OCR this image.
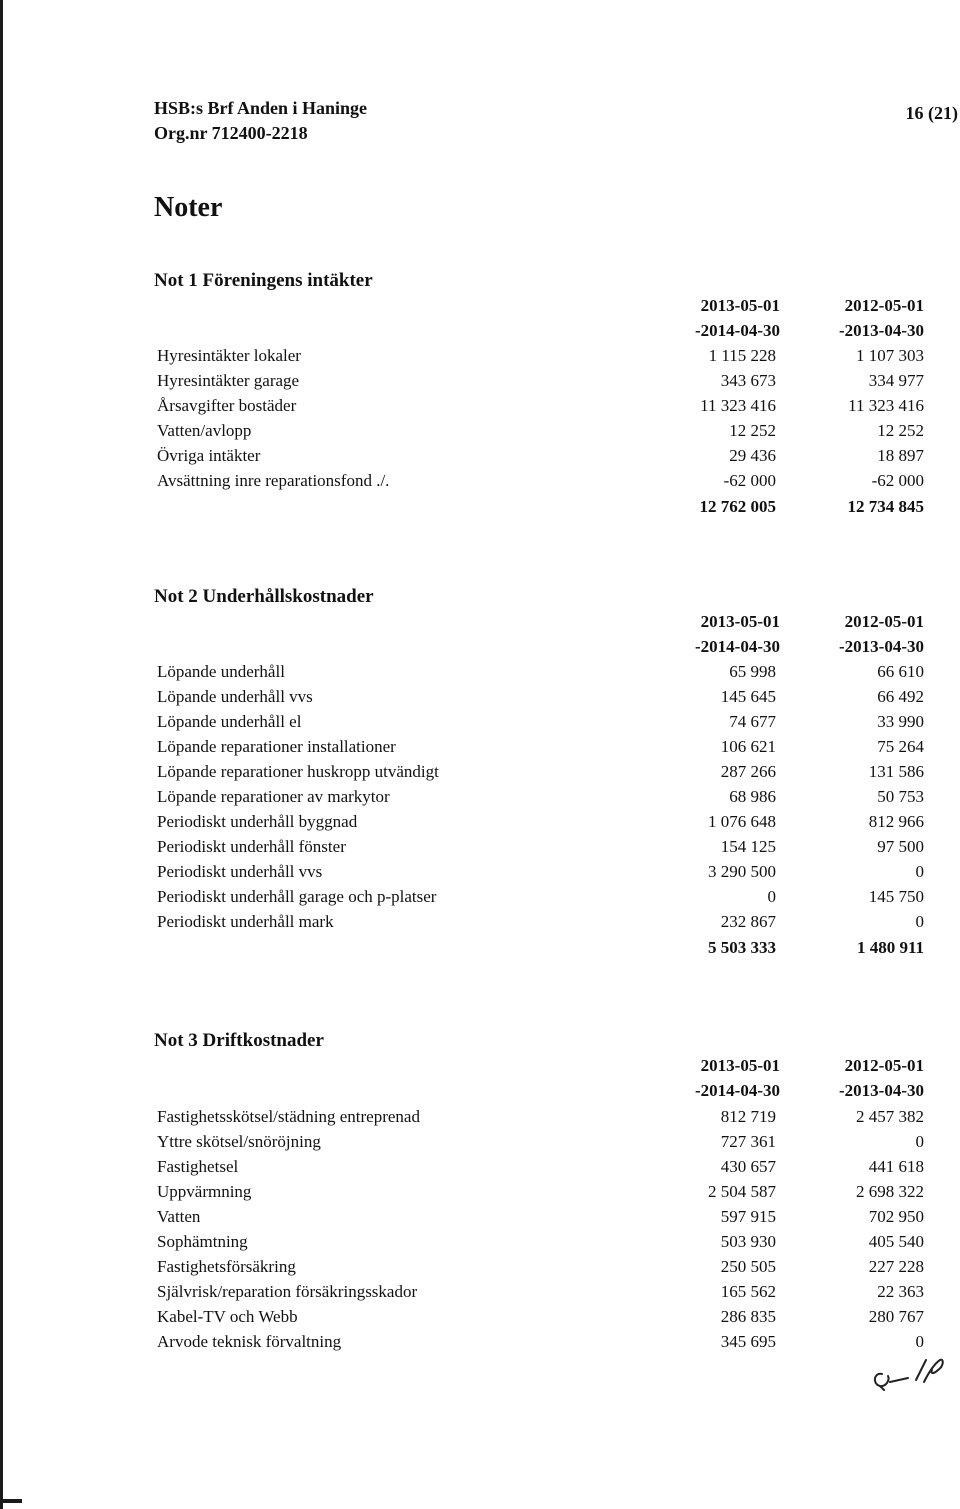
HSB:s Brf Anden i Haninge
Org.nr 712400-2218
16 (21)
Noter
Not 1 Föreningens intäkter
2013-05-01
-2014-04-30
2012-05-01
-2013-04-30
Hyresintäkter lokaler	1 115 228	1 107 303
Hyresintäkter garage	343 673	334 977
Årsavgifter bostäder	11 323 416	11 323 416
Vatten/avlopp	12 252	12 252
Övriga intäkter	29 436	18 897
Avsättning inre reparationsfond ./.	-62 000	-62 000
12 762 005	12 734 845
Not 2 Underhållskostnader
2013-05-01
-2014-04-30
2012-05-01
-2013-04-30
Löpande underhåll	65 998	66 610
Löpande underhåll vvs	145 645	66 492
Löpande underhåll el	74 677	33 990
Löpande reparationer installationer	106 621	75 264
Löpande reparationer huskropp utvändigt	287 266	131 586
Löpande reparationer av markytor	68 986	50 753
Periodiskt underhåll byggnad	1 076 648	812 966
Periodiskt underhåll fönster	154 125	97 500
Periodiskt underhåll vvs	3 290 500	0
Periodiskt underhåll garage och p-platser	0	145 750
Periodiskt underhåll mark	232 867	0
5 503 333	1 480 911
Not 3 Driftkostnader
2013-05-01
-2014-04-30
2012-05-01
-2013-04-30
Fastighetsskötsel/städning entreprenad	812 719	2 457 382
Yttre skötsel/snöröjning	727 361	0
Fastighetsel	430 657	441 618
Uppvärmning	2 504 587	2 698 322
Vatten	597 915	702 950
Sophämtning	503 930	405 540
Fastighetsförsäkring	250 505	227 228
Självrisk/reparation försäkringsskador	165 562	22 363
Kabel-TV och Webb	286 835	280 767
Arvode teknisk förvaltning	345 695	0
